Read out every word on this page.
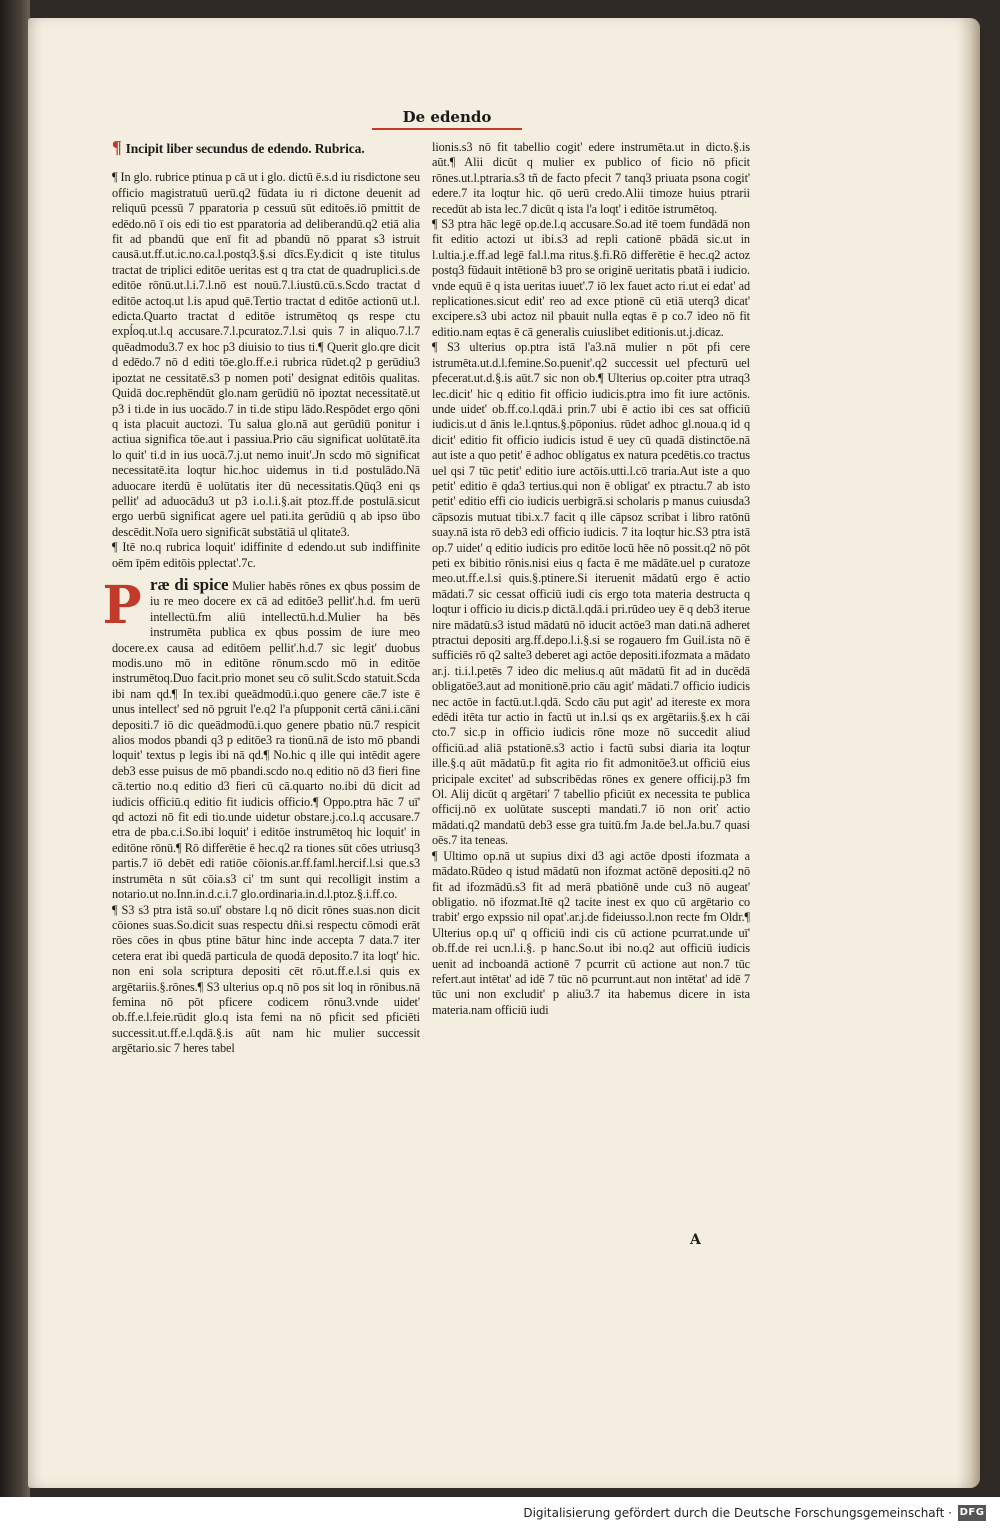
De edendo

¶ Incipit liber secundus de edendo. Rubrica.

¶ In glo. rubrice ptinua p cā ut i glo. dictū ē.s.d iu risdictone seu officio magistratuū uerū.q2 fūdata iu ri dictone deuenit ad reliquū pcessū 7 pparatoria p cessuū sūt editoēs.iō pmittit de edēdo.nō ī ois edi tio est pparatoria ad deliberandū.q2 etiā alia fit ad pbandū que enī fit ad pbandū nō pparat s3 istruit causā.ut.ff.ut.ic.no.ca.l.postq3.§.si dīcs.Ey.dicit q iste titulus tractat de triplici editōe ueritas est q tra ctat de quadruplici.s.de editōe rōnū.ut.l.i.7.l.nō est nouū.7.l.iustū.cū.s.Scdo tractat d editōe actoq.ut l.is apud quē.Tertio tractat d editōe actionū ut.l. edicta.Quarto tractat d editōe istrumētoq qs respe ctu expĺoq.ut.l.q accusare.7.l.pcuratoz.7.l.si quis 7 in aliquo.7.l.7 quēadmodu3.7 ex hoc p3 diuisio to tius ti.¶ Querit glo.qre dicit d edēdo.7 nō d editi tōe.glo.ff.e.i rubrica rūdet.q2 p gerūdiu3 ipoztat ne cessitatē.s3 p nomen poti' designat editōis qualitas. Quidā doc.rephēndūt glo.nam gerūdiū nō ipoztat necessitatē.ut p3 i ti.de in ius uocādo.7 in ti.de stipu lādo.Respōdet ergo qōni q ista placuit auctozi. Tu salua glo.nā aut gerūdiū ponitur i actiua significa tōe.aut i passiua.Prio cāu significat uolūtatē.ita lo quit' ti.d in ius uocā.7.j.ut nemo inuit'.Jn scdo mō significat necessitatē.ita loqtur hic.hoc uidemus in ti.d postulādo.Nā aduocare iterdū ē uolūtatis iter dū necessitatis.Qūq3 eni qs pellit' ad aduocādu3 ut p3 i.o.l.i.§.ait ptoz.ff.de postulā.sicut ergo uerbū significat agere uel pati.ita gerūdiū q ab ipso ūbo descēdit.Noīa uero significāt substātiā ul qlitate3.

¶ Itē no.q rubrica loquit' idiffinite d edendo.ut sub indiffinite oēm īpēm editōis pplectat'.7c.

P ræ di spice Mulier habēs rōnes ex qbus possim de iu re meo docere ex cā ad editōe3 pellit'.h.d. fm uerū intellectū.fm aliū intellectū.h.d.Mulier ha bēs instrumēta publica ex qbus possim de iure meo docere.ex causa ad editōem pellit'.h.d.7 sic legit' duobus modis.uno mō in editōne rōnum.scdo mō in editōe instrumētoq.Duo facit.prio monet seu cō sulit.Scdo statuit.Scda ibi nam qd.¶ In tex.ibi queādmodū.i.quo genere cāe.7 iste ē unus intellect' sed nō pgruit l'e.q2 l'a pſupponit certā cāni.i.cāni depositi.7 iō dic queādmodū.i.quo genere pbatio nū.7 respicit alios modos pbandi q3 p editōe3 ra tionū.nā de isto mō pbandi loquit' textus p legis ibi nā qd.¶ No.hic q ille qui intēdit agere deb3 esse puisus de mō pbandi.scdo no.q editio nō d3 fieri fine cā.tertio no.q editio d3 fieri cū cā.quarto no.ibi dū dicit ad iudicis officiū.q editio fit iudicis officio.¶ Oppo.ptra hāc 7 uī' qd actozi nō fit edi tio.unde uidetur obstare.j.co.l.q accusare.7 etra de pba.c.i.So.ibi loquit' i editōe instrumētoq hic loquit' in editōne rōnū.¶ Rō differētie ē hec.q2 ra tiones sūt cōes utriusq3 partis.7 iō debēt edi ratiōe cōionis.ar.ff.faml.hercif.l.si que.s3 instrumēta n sūt cōia.s3 ci' tm sunt qui recolligit instim a notario.ut no.Inn.in.d.c.i.7 glo.ordinaria.in.d.l.ptoz.§.i.ff.co.

¶ S3 s3 ptra istā so.uī' obstare l.q nō dicit rōnes suas.non dicit cōiones suas.So.dicit suas respectu dñi.si respectu cōmodi erāt rōes cōes in qbus ptine bātur hinc inde accepta 7 data.7 iter cetera erat ibi quedā particula de quodā deposito.7 ita loqt' hic. non eni sola scriptura depositi cēt rō.ut.ff.e.l.si quis ex argētariis.§.rōnes.¶ S3 ulterius op.q nō pos sit loq in rōnibus.nā femina nō pōt pficere codicem rōnu3.vnde uidet' ob.ff.e.l.feie.rūdit glo.q ista femi na nō pficit sed pficiēti successit.ut.ff.e.l.qdā.§.is aūt nam hic mulier successit argētario.sic 7 heres tabel

lionis.s3 nō fit tabellio cogit' edere instrumēta.ut in dicto.§.is aūt.¶ Alii dicūt q mulier ex publico of ficio nō pficit rōnes.ut.l.ptraria.s3 tñ de facto pfecit 7 tanq3 priuata psona cogit' edere.7 ita loqtur hic. qō uerū credo.Alii timoze huius ptrarii recedūt ab ista lec.7 dicūt q ista l'a loqt' i editōe istrumētoq.

¶ S3 ptra hāc legē op.de.l.q accusare.So.ad itē toem fundādā non fit editio actozi ut ibi.s3 ad repli cationē pbādā sic.ut in l.ultia.j.e.ff.ad legē fal.l.ma ritus.§.fi.Rō differētie ē hec.q2 actoz postq3 fūdauit intētionē b3 pro se originē ueritatis pbatā i iudicio. vnde equū ē q ista ueritas iuuet'.7 iō lex fauet acto ri.ut ei edat' ad replicationes.sicut edit' reo ad exce ptionē cū etiā uterq3 dicat' excipere.s3 ubi actoz nil pbauit nulla eqtas ē p co.7 ideo nō fit editio.nam eqtas ē cā generalis cuiuslibet editionis.ut.j.dicaz.

¶ S3 ulterius op.ptra istā l'a3.nā mulier n pōt pfi cere istrumēta.ut.d.l.femine.So.puenit'.q2 successit uel pfecturū uel pfecerat.ut.d.§.is aūt.7 sic non ob.¶ Ulterius op.coiter ptra utraq3 lec.dicit' hic q editio fit officio iudicis.ptra imo fit iure actōnis. unde uidet' ob.ff.co.l.qdā.i prin.7 ubi ē actio ibi ces sat officiū iudicis.ut d ānis le.l.qntus.§.pōponius. rūdet adhoc gl.noua.q id q dicit' editio fit officio iudicis istud ē uey cū quadā distinctōe.nā aut iste a quo petit' ē adhoc obligatus ex natura pcedētis.co tractus uel qsi 7 tūc petit' editio iure actōis.utti.l.cō traria.Aut iste a quo petit' editio ē qda3 tertius.qui non ē obligat' ex ptractu.7 ab isto petit' editio effi cio iudicis uerbigrā.si scholaris p manus cuiusda3 cāpsozis mutuat tibi.x.7 facit q ille cāpsoz scribat i libro ratōnū suay.nā ista rō deb3 edi officio iudicis. 7 ita loqtur hic.S3 ptra istā op.7 uidet' q editio iudicis pro editōe locū hēe nō possit.q2 nō pōt peti ex bibitio rōnis.nisi eius q facta ē me mādāte.uel p curatoze meo.ut.ff.e.l.si quis.§.ptinere.Si iteruenit mādatū ergo ē actio mādati.7 sic cessat officiū iudi cis ergo tota materia destructa q loqtur i officio iu dicis.p dictā.l.qdā.i pri.rūdeo uey ē q deb3 iterue nire mādatū.s3 istud mādatū nō iducit actōe3 man dati.nā adheret ptractui depositi arg.ff.depo.l.i.§.si se rogauero fm Guil.ista nō ē sufficiēs rō q2 salte3 deberet agi actōe depositi.ifozmata a mādato ar.j. ti.i.l.petēs 7 ideo dic melius.q aūt mādatū fit ad in ducēdā obligatōe3.aut ad monitionē.prio cāu agit' mādati.7 officio iudicis nec actōe in factū.ut.l.qdā. Scdo cāu put agit' ad itereste ex mora edēdi itēta tur actio in factū ut in.l.si qs ex argētariis.§.ex h cāi cto.7 sic.p in officio iudicis rōne moze nō succedit aliud officiū.ad aliā pstationē.s3 actio i factū subsi diaria ita loqtur ille.§.q aūt mādatū.p fit agita rio fit admonitōe3.ut officiū eius pricipale excitet' ad subscribēdas rōnes ex genere officij.p3 fm Ol. Alij dicūt q argētari' 7 tabellio pficiūt ex necessita te publica officij.nō ex uolūtate suscepti mandati.7 iō non oriť actio mādati.q2 mandatū deb3 esse gra tuitū.fm Ja.de bel.Ja.bu.7 quasi oēs.7 ita teneas.

¶ Ultimo op.nā ut supius dixi d3 agi actōe dposti ifozmata a mādato.Rūdeo q istud mādatū non ifozmat actōnē depositi.q2 nō fit ad ifozmādū.s3 fit ad merā pbatiōnē unde cu3 nō augeat' obligatio. nō ifozmat.Itē q2 tacite inest ex quo cū argētario co trabit' ergo expssio nil opat'.ar.j.de fideiusso.l.non recte fm Oldr.¶ Ulterius op.q uī' q officiū indi cis cū actione pcurrat.unde uī' ob.ff.de rei ucn.l.i.§. p hanc.So.ut ibi no.q2 aut officiū iudicis uenit ad incboandā actionē 7 pcurrit cū actione aut non.7 tūc refert.aut intētat' ad idē 7 tūc nō pcurrunt.aut non intētat' ad idē 7 tūc uni non excludit' p aliu3.7 ita habemus dicere in ista materia.nam officiū iudi

A
Digitalisierung gefördert durch die Deutsche Forschungsgemeinschaft · DFG
